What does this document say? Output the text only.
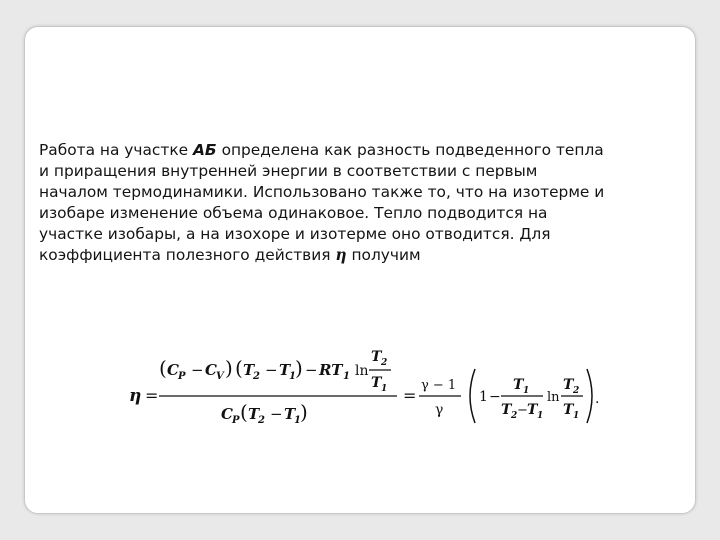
Работа на участке АБ определена как разность подведенного тепла
и приращения внутренней энергии в соответствии с первым
началом термодинамики. Использовано также то, что на изотерме и
изобаре изменение объема одинаковое. Тепло подводится на
участке изобары, а на изохоре и изотерме оно отводится. Для
коэффициента полезного действия η получим

η =
( C P − C V ) ( T
2 − T
1 ) − RT 1 ln
T 2
T 1
C P ( T
2 − T
1 )
=
γ − 1
γ
1 −
T 1
T 2 − T 1
ln
T 2
T 1
.
